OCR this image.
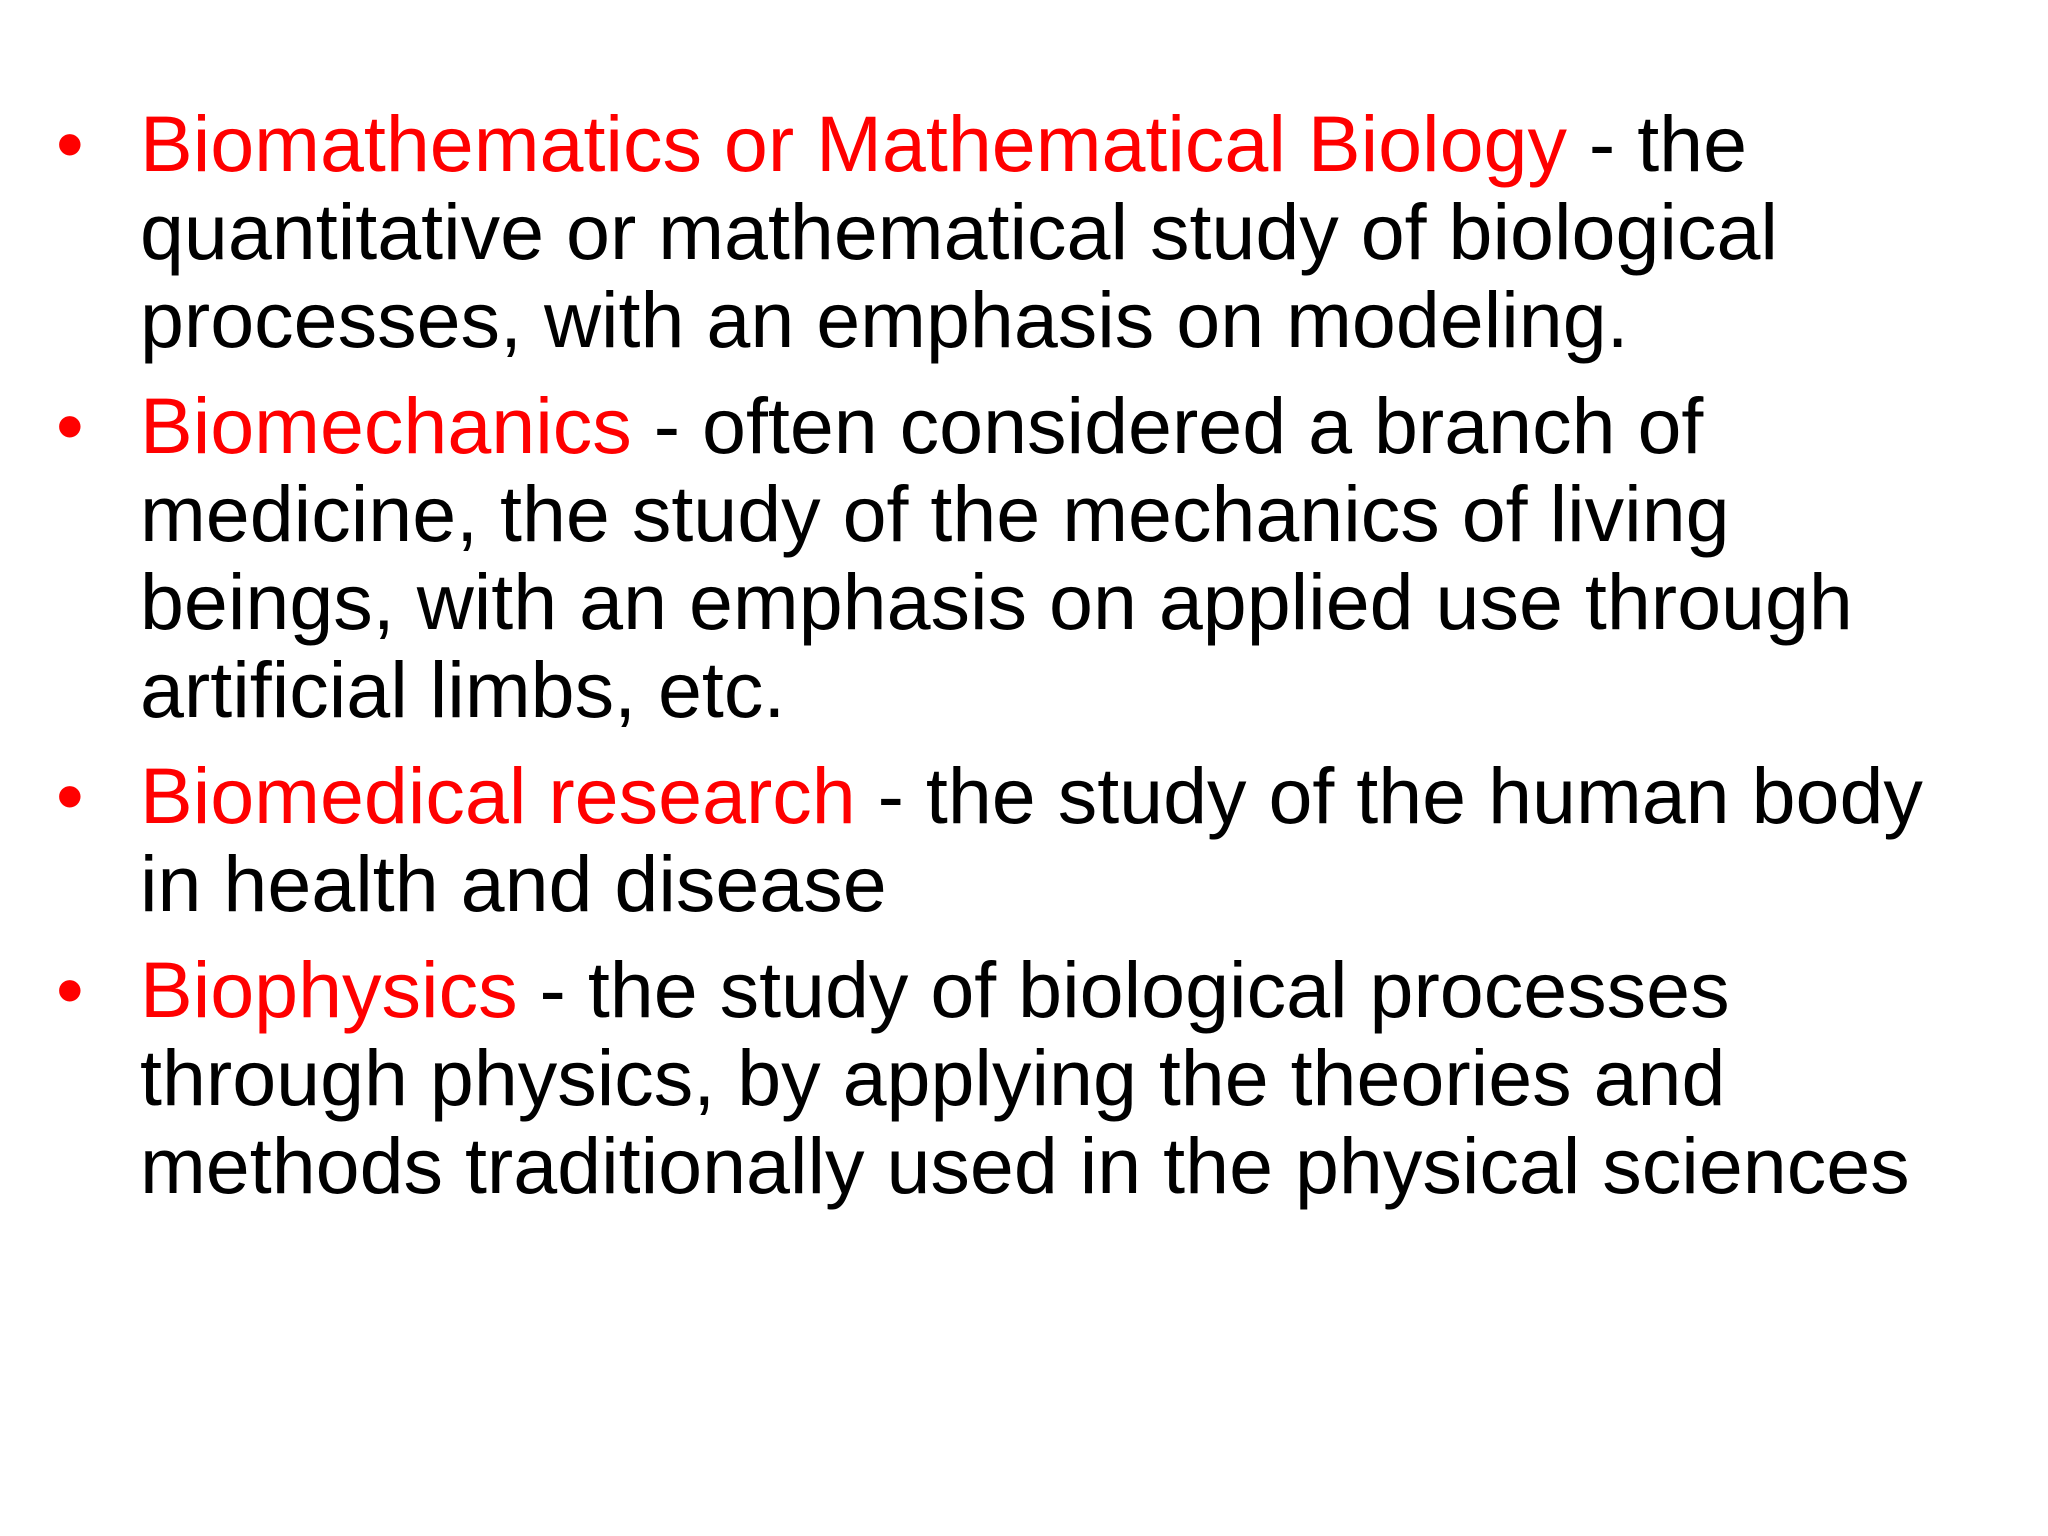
• Biomathematics or Mathematical Biology - the quantitative or mathematical study of biological processes, with an emphasis on modeling.
• Biomechanics - often considered a branch of medicine, the study of the mechanics of living beings, with an emphasis on applied use through artificial limbs, etc.
• Biomedical research - the study of the human body in health and disease
• Biophysics - the study of biological processes through physics, by applying the theories and methods traditionally used in the physical sciences
